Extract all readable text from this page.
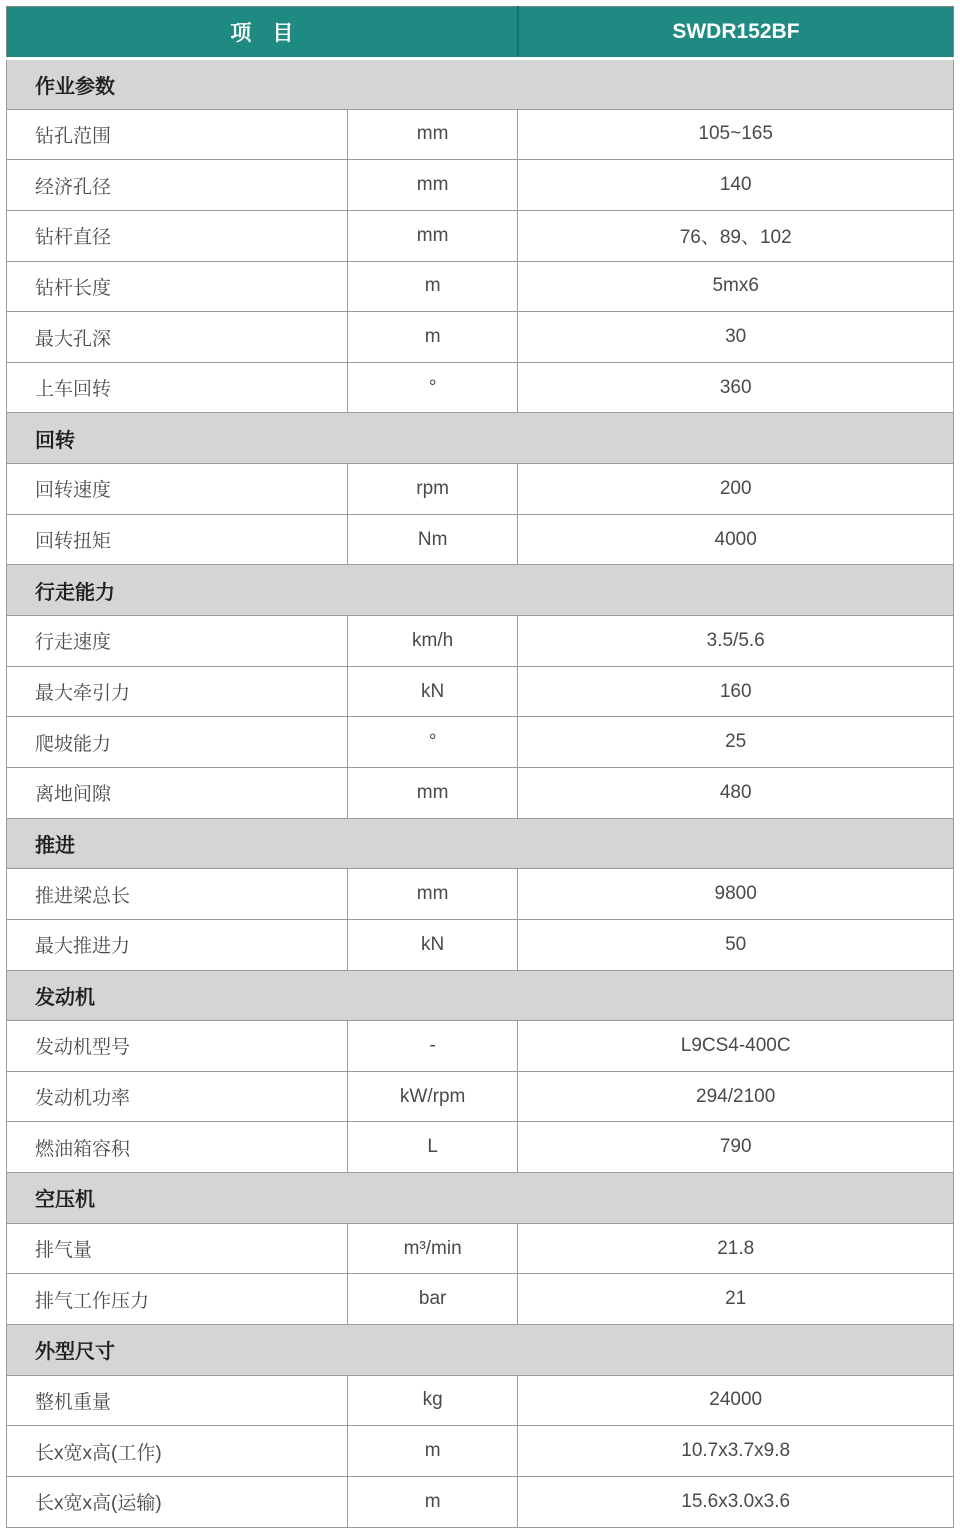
项　目		SWDR152BF
作业参数		
钻孔范围	mm	105~165
经济孔径	mm	140
钻杆直径	mm	76、89、102
钻杆长度	m	5mx6
最大孔深	m	30
上车回转	°	360
回转		
回转速度	rpm	200
回转扭矩	Nm	4000
行走能力		
行走速度	km/h	3.5/5.6
最大牵引力	kN	160
爬坡能力	°	25
离地间隙	mm	480
推进		
推进梁总长	mm	9800
最大推进力	kN	50
发动机		
发动机型号	-	L9CS4-400C
发动机功率	kW/rpm	294/2100
燃油箱容积	L	790
空压机		
排气量	m³/min	21.8
排气工作压力	bar	21
外型尺寸		
整机重量	kg	24000
长x宽x高(工作)	m	10.7x3.7x9.8
长x宽x高(运输)	m	15.6x3.0x3.6
